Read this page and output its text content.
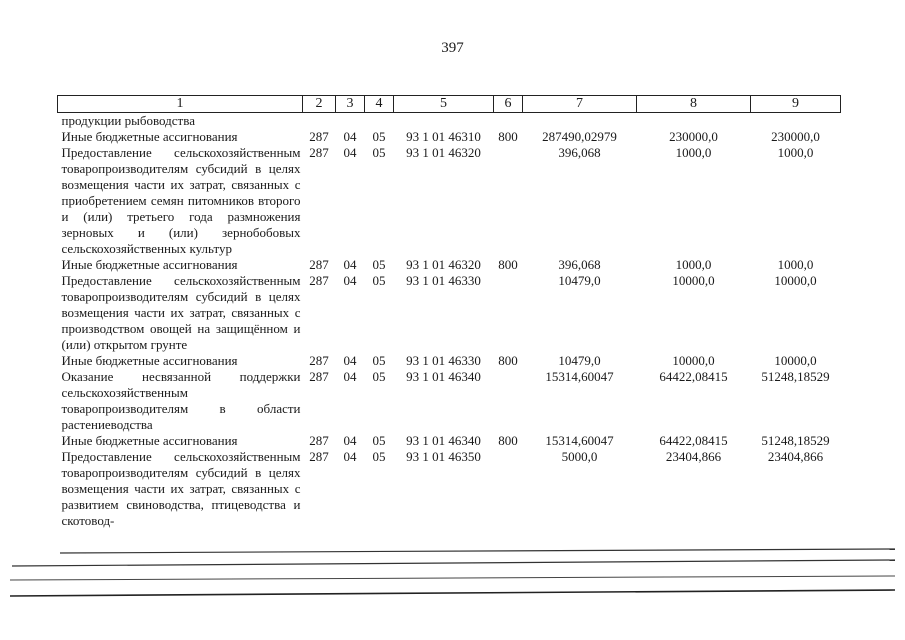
397
1	2	3	4	5	6	7	8	9
продукции рыбоводства								
Иные бюджетные ассигнования	287	04	05	93 1 01 46310	800	287490,02979	230000,0	230000,0
Предоставление сельскохозяйственным товаропроизводителям субсидий в целях возмещения части их затрат, связанных с приобретением семян питомников второго и (или) третьего года размножения зерновых и (или) зернобобовых сельскохозяйственных культур	287	04	05	93 1 01 46320		396,068	1000,0	1000,0
Иные бюджетные ассигнования	287	04	05	93 1 01 46320	800	396,068	1000,0	1000,0
Предоставление сельскохозяйственным товаропроизводителям субсидий в целях возмещения части их затрат, связанных с производством овощей на защищённом и (или) открытом грунте	287	04	05	93 1 01 46330		10479,0	10000,0	10000,0
Иные бюджетные ассигнования	287	04	05	93 1 01 46330	800	10479,0	10000,0	10000,0
Оказание несвязанной поддержки сельскохозяйственным товаропроизводителям в области растениеводства	287	04	05	93 1 01 46340		15314,60047	64422,08415	51248,18529
Иные бюджетные ассигнования	287	04	05	93 1 01 46340	800	15314,60047	64422,08415	51248,18529
Предоставление сельскохозяйственным товаропроизводителям субсидий в целях возмещения части их затрат, связанных с развитием свиноводства, птицеводства и скотовод-	287	04	05	93 1 01 46350		5000,0	23404,866	23404,866
